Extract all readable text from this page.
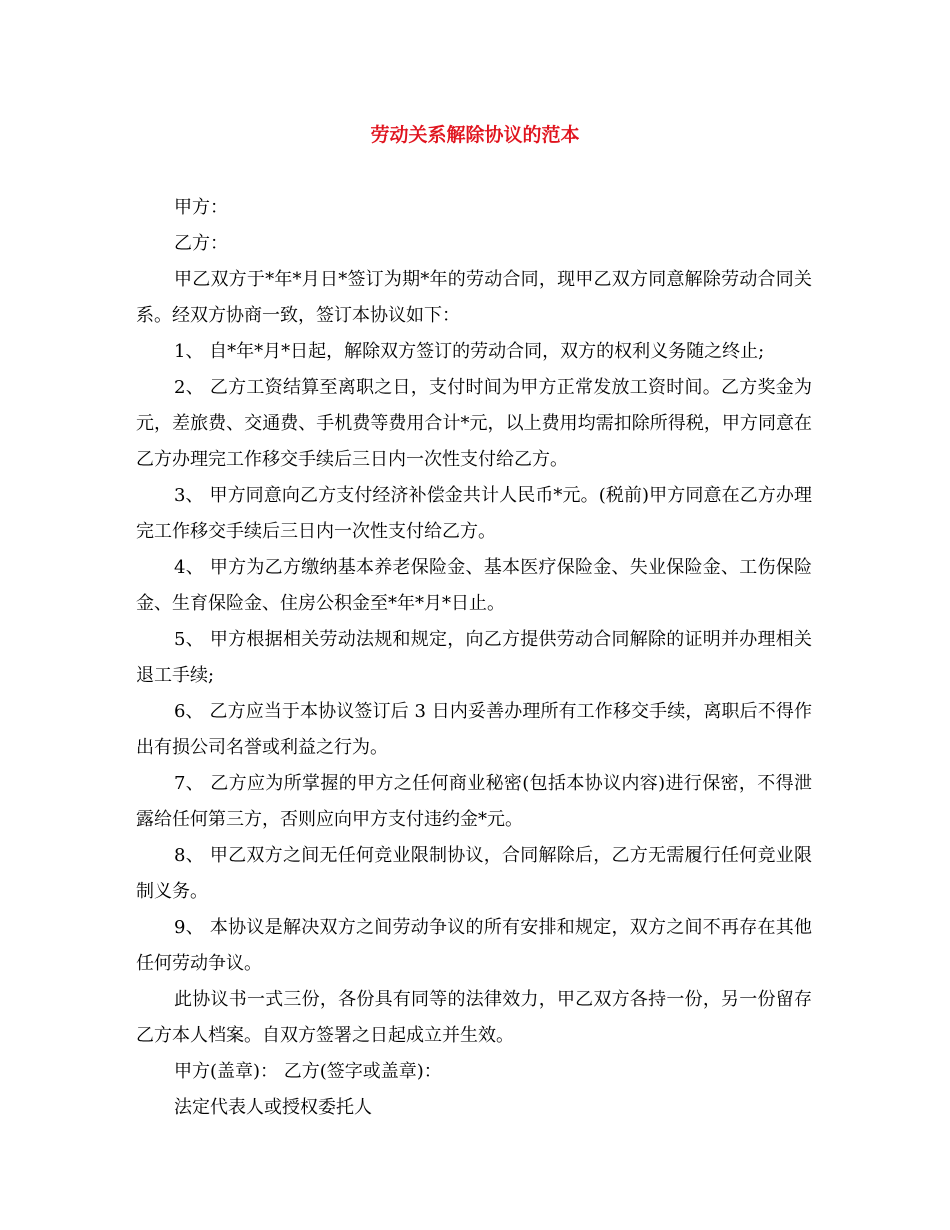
劳动关系解除协议的范本

甲方：

乙方：

甲乙双方于*年*月日*签订为期*年的劳动合同，现甲乙双方同意解除劳动合同关系。经双方协商一致，签订本协议如下：

1、 自*年*月*日起，解除双方签订的劳动合同，双方的权利义务随之终止;

2、 乙方工资结算至离职之日，支付时间为甲方正常发放工资时间。乙方奖金为元，差旅费、交通费、手机费等费用合计*元，以上费用均需扣除所得税，甲方同意在乙方办理完工作移交手续后三日内一次性支付给乙方。

3、 甲方同意向乙方支付经济补偿金共计人民币*元。(税前)甲方同意在乙方办理完工作移交手续后三日内一次性支付给乙方。

4、 甲方为乙方缴纳基本养老保险金、基本医疗保险金、失业保险金、工伤保险金、生育保险金、住房公积金至*年*月*日止。

5、 甲方根据相关劳动法规和规定，向乙方提供劳动合同解除的证明并办理相关退工手续;

6、 乙方应当于本协议签订后 3 日内妥善办理所有工作移交手续，离职后不得作出有损公司名誉或利益之行为。

7、 乙方应为所掌握的甲方之任何商业秘密(包括本协议内容)进行保密，不得泄露给任何第三方，否则应向甲方支付违约金*元。

8、 甲乙双方之间无任何竞业限制协议，合同解除后，乙方无需履行任何竞业限制义务。

9、 本协议是解决双方之间劳动争议的所有安排和规定，双方之间不再存在其他任何劳动争议。

此协议书一式三份，各份具有同等的法律效力，甲乙双方各持一份，另一份留存乙方本人档案。自双方签署之日起成立并生效。

甲方(盖章)： 乙方(签字或盖章)：

法定代表人或授权委托人
